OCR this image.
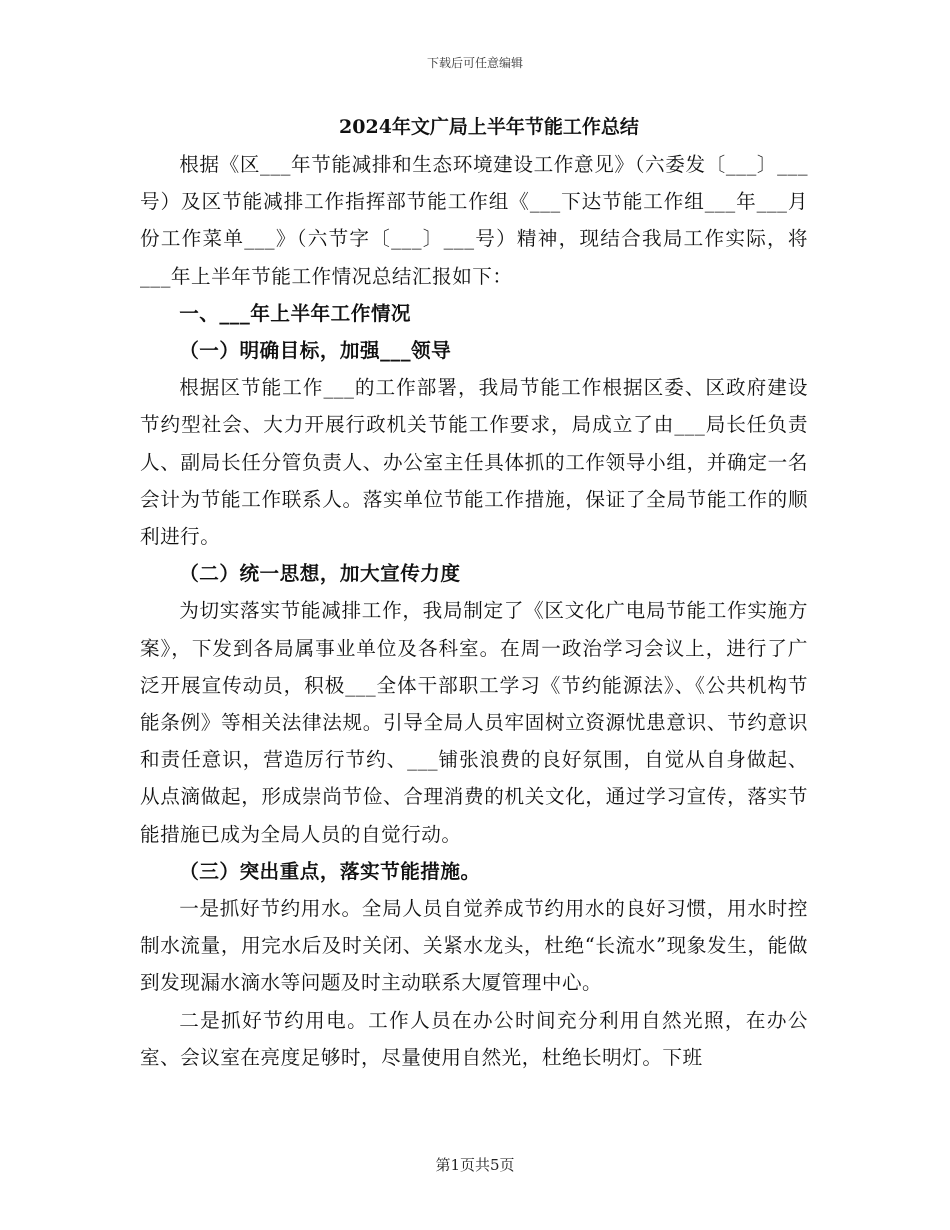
下载后可任意编辑
2024年文广局上半年节能工作总结

根据《区___年节能减排和生态环境建设工作意见》（六委发〔___〕___号）及区节能减排工作指挥部节能工作组《___下达节能工作组___年___月份工作菜单___》（六节字〔___〕___号）精神，现结合我局工作实际，将___年上半年节能工作情况总结汇报如下：

一、___年上半年工作情况

（一）明确目标，加强___领导

根据区节能工作___的工作部署，我局节能工作根据区委、区政府建设节约型社会、大力开展行政机关节能工作要求，局成立了由___局长任负责人、副局长任分管负责人、办公室主任具体抓的工作领导小组，并确定一名会计为节能工作联系人。落实单位节能工作措施，保证了全局节能工作的顺利进行。

（二）统一思想，加大宣传力度

为切实落实节能减排工作，我局制定了《区文化广电局节能工作实施方案》，下发到各局属事业单位及各科室。在周一政治学习会议上，进行了广泛开展宣传动员，积极___全体干部职工学习《节约能源法》、《公共机构节能条例》等相关法律法规。引导全局人员牢固树立资源忧患意识、节约意识和责任意识，营造厉行节约、___铺张浪费的良好氛围，自觉从自身做起、从点滴做起，形成崇尚节俭、合理消费的机关文化，通过学习宣传，落实节能措施已成为全局人员的自觉行动。

（三）突出重点，落实节能措施。

一是抓好节约用水。全局人员自觉养成节约用水的良好习惯，用水时控制水流量，用完水后及时关闭、关紧水龙头，杜绝“长流水”现象发生，能做到发现漏水滴水等问题及时主动联系大厦管理中心。

二是抓好节约用电。工作人员在办公时间充分利用自然光照，在办公室、会议室在亮度足够时，尽量使用自然光，杜绝长明灯。下班

第1页共5页
